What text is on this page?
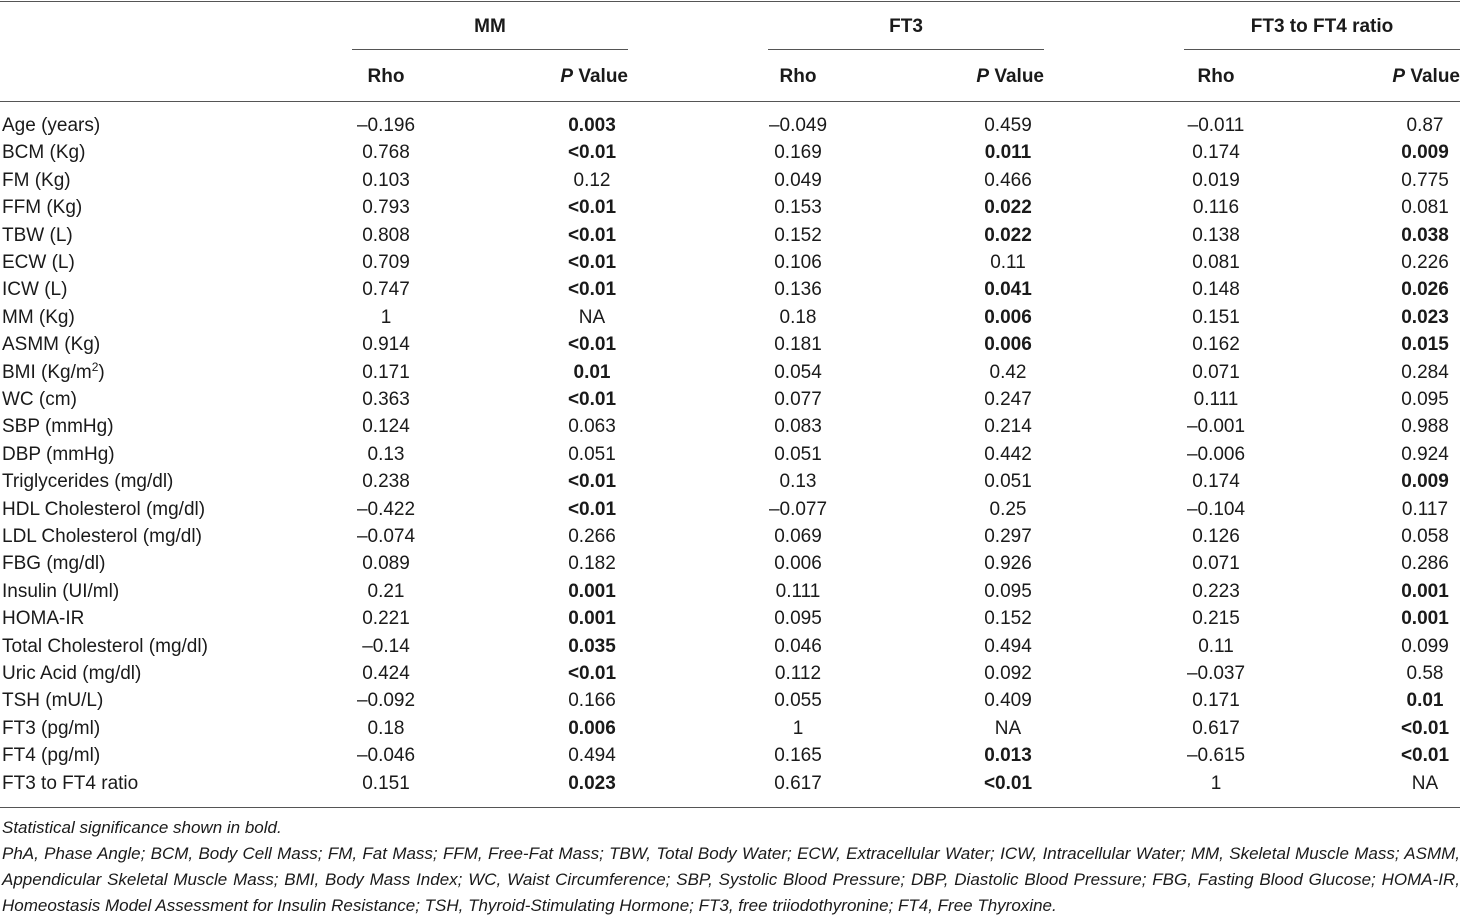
MM
Rho	P Value
FT3
Rho	P Value
FT3 to FT4 ratio
Rho	P Value
Age (years)	–0.196	0.003	–0.049	0.459	–0.011	0.87
BCM (Kg)	0.768	<0.01	0.169	0.011	0.174	0.009
FM (Kg)	0.103	0.12	0.049	0.466	0.019	0.775
FFM (Kg)	0.793	<0.01	0.153	0.022	0.116	0.081
TBW (L)	0.808	<0.01	0.152	0.022	0.138	0.038
ECW (L)	0.709	<0.01	0.106	0.11	0.081	0.226
ICW (L)	0.747	<0.01	0.136	0.041	0.148	0.026
MM (Kg)	1	NA	0.18	0.006	0.151	0.023
ASMM (Kg)	0.914	<0.01	0.181	0.006	0.162	0.015
BMI $(Kg/m^2)$	0.171	0.01	0.054	0.42	0.071	0.284
WC (cm)	0.363	<0.01	0.077	0.247	0.111	0.095
SBP (mmHg)	0.124	0.063	0.083	0.214	–0.001	0.988
DBP (mmHg)	0.13	0.051	0.051	0.442	–0.006	0.924
Triglycerides (mg/dl)	0.238	<0.01	0.13	0.051	0.174	0.009
HDL Cholesterol (mg/dl)	–0.422	<0.01	–0.077	0.25	–0.104	0.117
LDL Cholesterol (mg/dl)	–0.074	0.266	0.069	0.297	0.126	0.058
FBG (mg/dl)	0.089	0.182	0.006	0.926	0.071	0.286
Insulin (UI/ml)	0.21	0.001	0.111	0.095	0.223	0.001
HOMA-IR	0.221	0.001	0.095	0.152	0.215	0.001
Total Cholesterol (mg/dl)	–0.14	0.035	0.046	0.494	0.11	0.099
Uric Acid (mg/dl)	0.424	<0.01	0.112	0.092	–0.037	0.58
TSH (mU/L)	–0.092	0.166	0.055	0.409	0.171	0.01
FT3 (pg/ml)	0.18	0.006	1	NA	0.617	<0.01
FT4 (pg/ml)	–0.046	0.494	0.165	0.013	–0.615	<0.01
FT3 to FT4 ratio	0.151	0.023	0.617	<0.01	1	NA
Statistical significance shown in bold.
PhA, Phase Angle; BCM, Body Cell Mass; FM, Fat Mass; FFM, Free-Fat Mass; TBW, Total Body Water; ECW, Extracellular Water; ICW, Intracellular Water; MM, Skeletal Muscle Mass; ASMM, Appendicular Skeletal Muscle Mass; BMI, Body Mass Index; WC, Waist Circumference; SBP, Systolic Blood Pressure; DBP, Diastolic Blood Pressure; FBG, Fasting Blood Glucose; HOMA-IR, Homeostasis Model Assessment for Insulin Resistance; TSH, Thyroid-Stimulating Hormone; FT3, free triiodothyronine; FT4, Free Thyroxine.
